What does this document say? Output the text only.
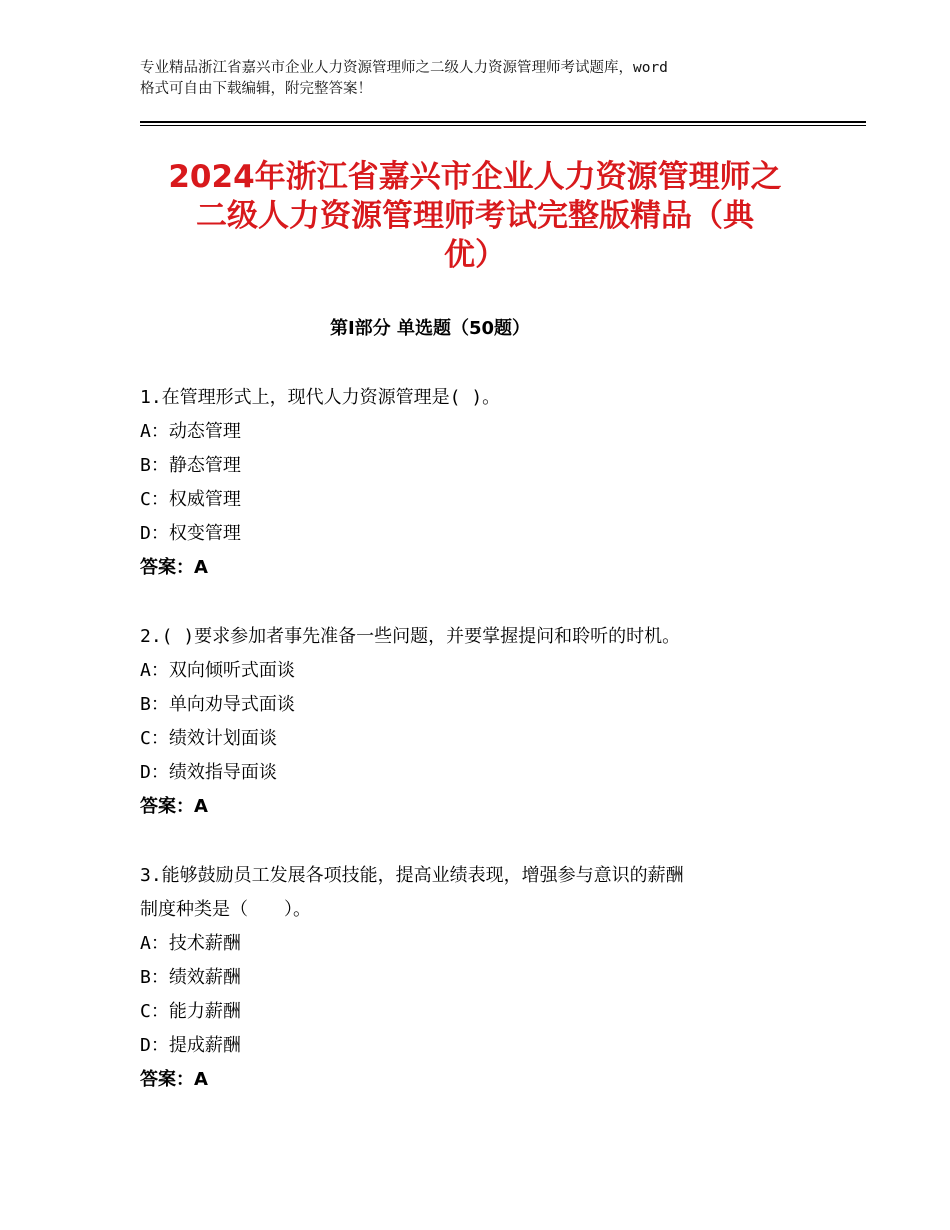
专业精品浙江省嘉兴市企业人力资源管理师之二级人力资源管理师考试题库，word
格式可自由下载编辑，附完整答案！
2024年浙江省嘉兴市企业人力资源管理师之
二级人力资源管理师考试完整版精品（典
优）
第Ⅰ部分 单选题（50题）
1.在管理形式上，现代人力资源管理是( )。
A：动态管理
B：静态管理
C：权威管理
D：权变管理
答案：A
2.( )要求参加者事先准备一些问题，并要掌握提问和聆听的时机。
A：双向倾听式面谈
B：单向劝导式面谈
C：绩效计划面谈
D：绩效指导面谈
答案：A
3.能够鼓励员工发展各项技能，提高业绩表现，增强参与意识的薪酬
制度种类是（　　）。
A：技术薪酬
B：绩效薪酬
C：能力薪酬
D：提成薪酬
答案：A
